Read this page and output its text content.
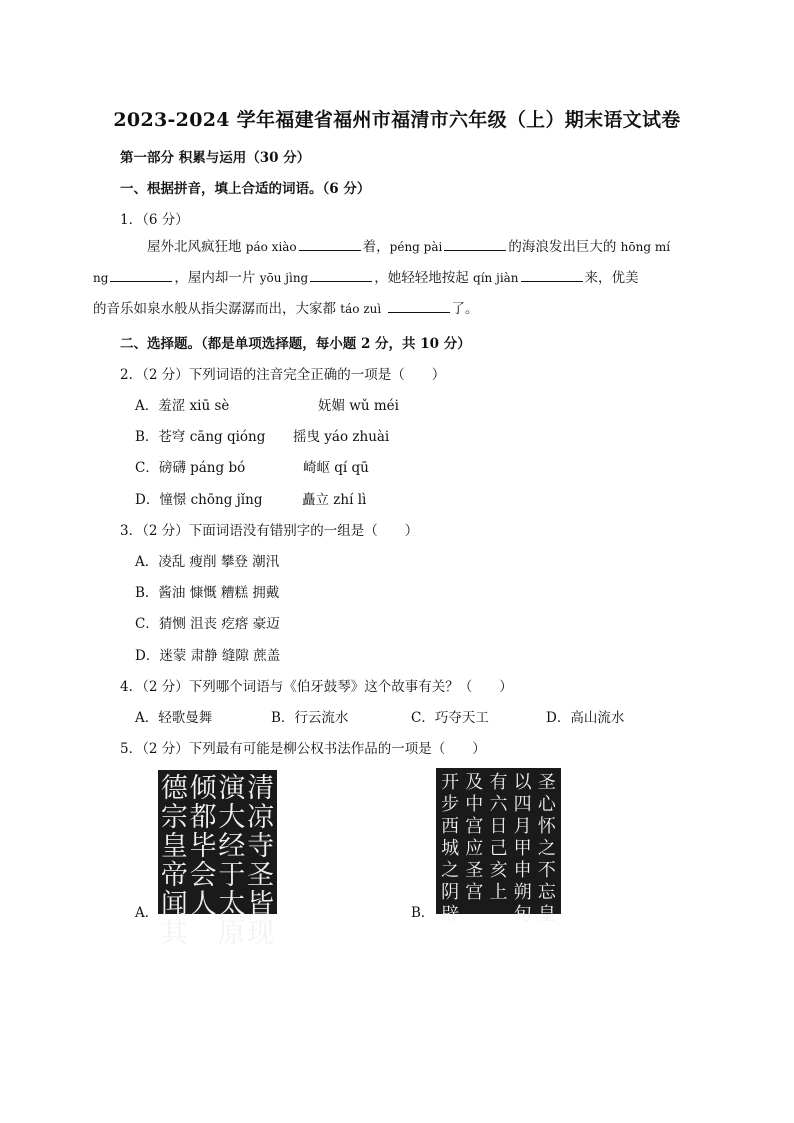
2023-2024 学年福建省福州市福清市六年级（上）期末语文试卷
第一部分 积累与运用（30 分）
一、根据拼音，填上合适的词语。（6 分）
1．（6 分）
屋外北风疯狂地 páo xiào	着，péng pài	的海浪发出巨大的 hōng mí
ng	，屋内却一片 yōu jìng	，她轻轻地按起 qín jiàn	来，优美
的音乐如泉水般从指尖潺潺而出，大家都 táo zuì	了。
二、选择题。（都是单项选择题，每小题 2 分，共 10 分）
2．（2 分）下列词语的注音完全正确的一项是（　　）
A．羞涩 xiū sè	妩媚 wǔ méi
B．苍穹 cāng qióng 摇曳 yáo zhuài
C．磅礴 páng bó	崎岖 qí qū
D．憧憬 chōng jǐng	矗立 zhí lì
3．（2 分）下面词语没有错别字的一组是（　　）
A．凌乱 瘦削 攀登 潮汛
B．酱油 慷慨 糟糕 拥戴
C．猜恻 沮丧 疙瘩 豪迈
D．迷蒙 肃静 缝隙 蔗盖
4．（2 分）下列哪个词语与《伯牙鼓琴》这个故事有关？（　　）
A．轻歌曼舞	B．行云流水	C．巧夺天工	D．高山流水
5．（2 分）下列最有可能是柳公权书法作品的一项是（　　）
A．
清凉寺圣皆现
演大经于太原
倾都毕会人
德宗皇帝闻其
B．
圣心怀之不忘皇
以四月甲申朔旬
有六日己亥上
及中宫应圣宫
开步西城之阴辟
